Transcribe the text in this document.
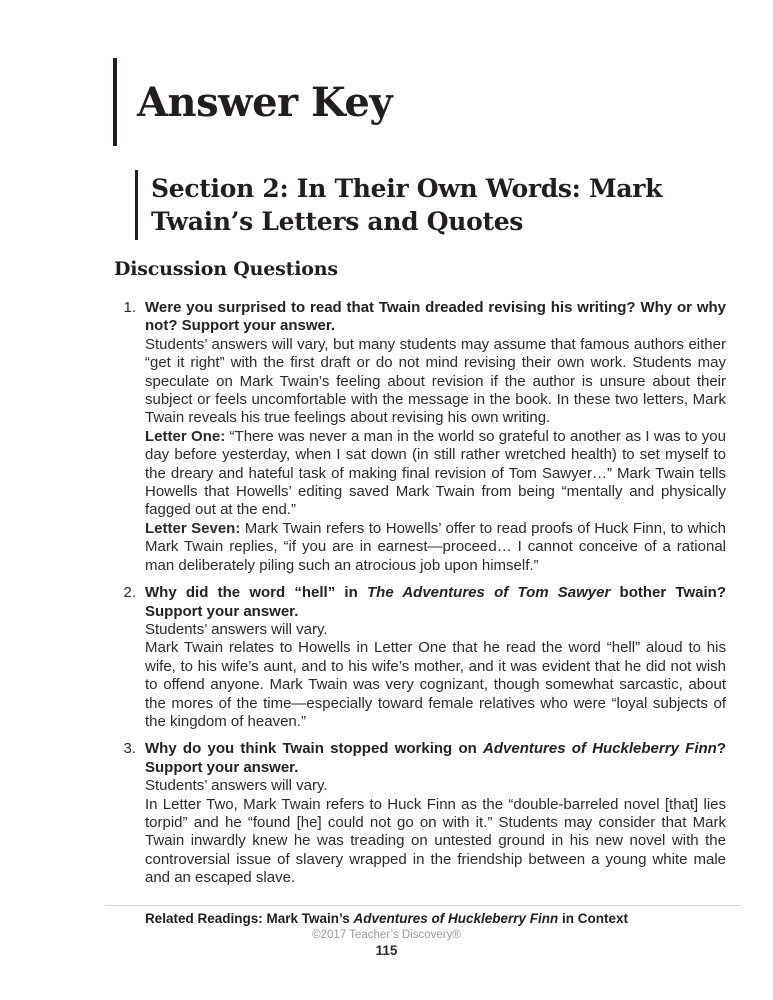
Answer Key
Section 2: In Their Own Words: Mark Twain’s Letters and Quotes
Discussion Questions
1. Were you surprised to read that Twain dreaded revising his writing? Why or why not? Support your answer.
Students’ answers will vary, but many students may assume that famous authors either “get it right” with the first draft or do not mind revising their own work. Students may speculate on Mark Twain’s feeling about revision if the author is unsure about their subject or feels uncomfortable with the message in the book. In these two letters, Mark Twain reveals his true feelings about revising his own writing.
Letter One: “There was never a man in the world so grateful to another as I was to you day before yesterday, when I sat down (in still rather wretched health) to set myself to the dreary and hateful task of making final revision of Tom Sawyer…” Mark Twain tells Howells that Howells’ editing saved Mark Twain from being “mentally and physically fagged out at the end.”
Letter Seven: Mark Twain refers to Howells’ offer to read proofs of Huck Finn, to which Mark Twain replies, “if you are in earnest—proceed… I cannot conceive of a rational man deliberately piling such an atrocious job upon himself.”
2. Why did the word “hell” in The Adventures of Tom Sawyer bother Twain? Support your answer.
Students’ answers will vary.
Mark Twain relates to Howells in Letter One that he read the word “hell” aloud to his wife, to his wife’s aunt, and to his wife’s mother, and it was evident that he did not wish to offend anyone. Mark Twain was very cognizant, though somewhat sarcastic, about the mores of the time—especially toward female relatives who were “loyal subjects of the kingdom of heaven.”
3. Why do you think Twain stopped working on Adventures of Huckleberry Finn? Support your answer.
Students’ answers will vary.
In Letter Two, Mark Twain refers to Huck Finn as the “double-barreled novel [that] lies torpid” and he “found [he] could not go on with it.” Students may consider that Mark Twain inwardly knew he was treading on untested ground in his new novel with the controversial issue of slavery wrapped in the friendship between a young white male and an escaped slave.
Related Readings: Mark Twain’s Adventures of Huckleberry Finn in Context
©2017 Teacher’s Discovery®
115
